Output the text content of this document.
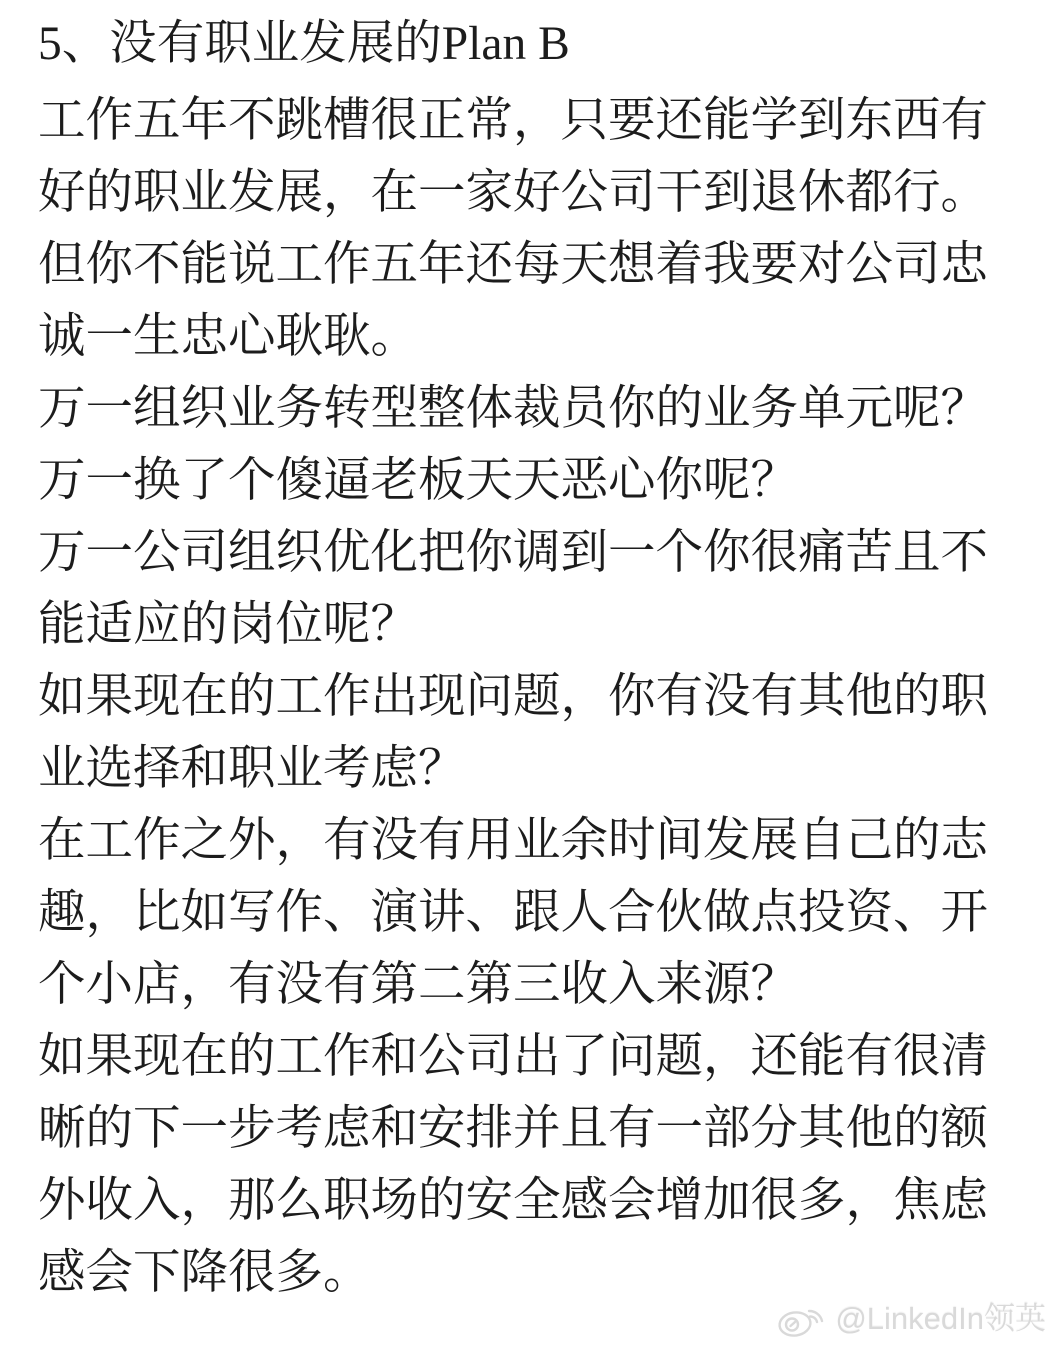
5、没有职业发展的Plan B
工作五年不跳槽很正常，只要还能学到东西有
好的职业发展，在一家好公司干到退休都行。
但你不能说工作五年还每天想着我要对公司忠
诚一生忠心耿耿。
万一组织业务转型整体裁员你的业务单元呢？
万一换了个傻逼老板天天恶心你呢？
万一公司组织优化把你调到一个你很痛苦且不
能适应的岗位呢？
如果现在的工作出现问题，你有没有其他的职
业选择和职业考虑？
在工作之外，有没有用业余时间发展自己的志
趣，比如写作、演讲、跟人合伙做点投资、开
个小店，有没有第二第三收入来源？
如果现在的工作和公司出了问题，还能有很清
晰的下一步考虑和安排并且有一部分其他的额
外收入，那么职场的安全感会增加很多，焦虑
感会下降很多。
@LinkedIn领英
